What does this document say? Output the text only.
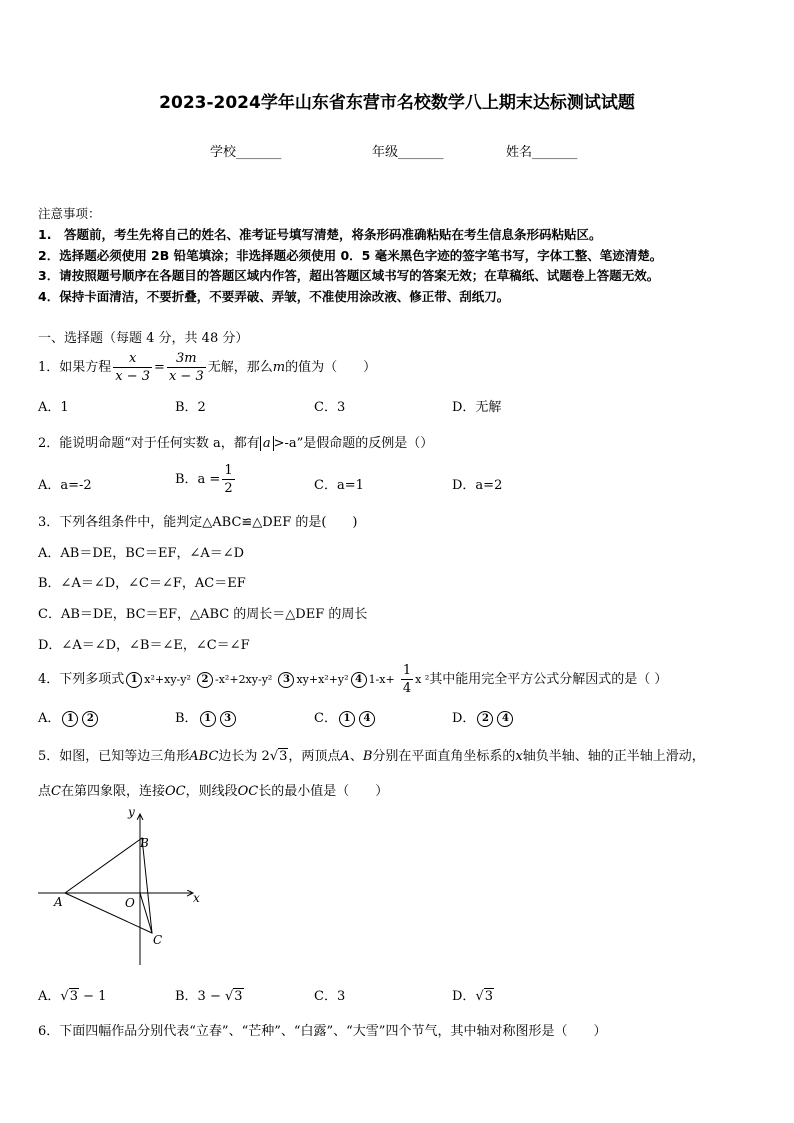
2023-2024学年山东省东营市名校数学八上期末达标测试试题
学校_______	年级_______	姓名_______
注意事项：
1.　答题前，考生先将自己的姓名、准考证号填写清楚，将条形码准确粘贴在考生信息条形码粘贴区。
2．选择题必须使用 2B 铅笔填涂；非选择题必须使用 0．5 毫米黑色字迹的签字笔书写，字体工整、笔迹清楚。
3．请按照题号顺序在各题目的答题区域内作答，超出答题区域书写的答案无效；在草稿纸、试题卷上答题无效。
4．保持卡面清洁，不要折叠，不要弄破、弄皱，不准使用涂改液、修正带、刮纸刀。
一、选择题（每题 4 分，共 48 分）
1．如果方程 $\frac{x}{x - 3} = \frac{3m}{x - 3}$ 无解，那么m的值为（　　）
A．1	B．2	C．3	D．无解
2．能说明命题“对于任何实数 a，都有 a >-a”是假命题的反例是（）
A．a=-2	B．$a = \frac{1}{2}$	C．a=1	D．a=2
3．下列各组条件中，能判定△ABC≌△DEF 的是(　　)
A．AB＝DE，BC＝EF，∠A＝∠D
B．∠A＝∠D，∠C＝∠F，AC＝EF
C．AB＝DE，BC＝EF，△ABC 的周长＝△DEF 的周长
D．∠A＝∠D，∠B＝∠E，∠C＝∠F
4．下列多项式 1 x²+xy-y² 2 -x²+2xy-y² 3 xy+x²+y² 4 $1-x+ \frac{1}{4}$ x ²其中能用完全平方公式分解因式的是（ ）
A． 1 2	B． 1 3	C． 1 4	D． 2 4
5．如图，已知等边三角形ABC边长为 2√3，两顶点A、B分别在平面直角坐标系的x轴负半轴、轴的正半轴上滑动，
点C在第四象限，连接OC，则线段OC长的最小值是（　　）
y
x
A
B
O
C
A．√3 − 1	B．3 − √3	C．3	D．√3
6．下面四幅作品分别代表“立春”、“芒种”、“白露”、“大雪”四个节气，其中轴对称图形是（　　）
